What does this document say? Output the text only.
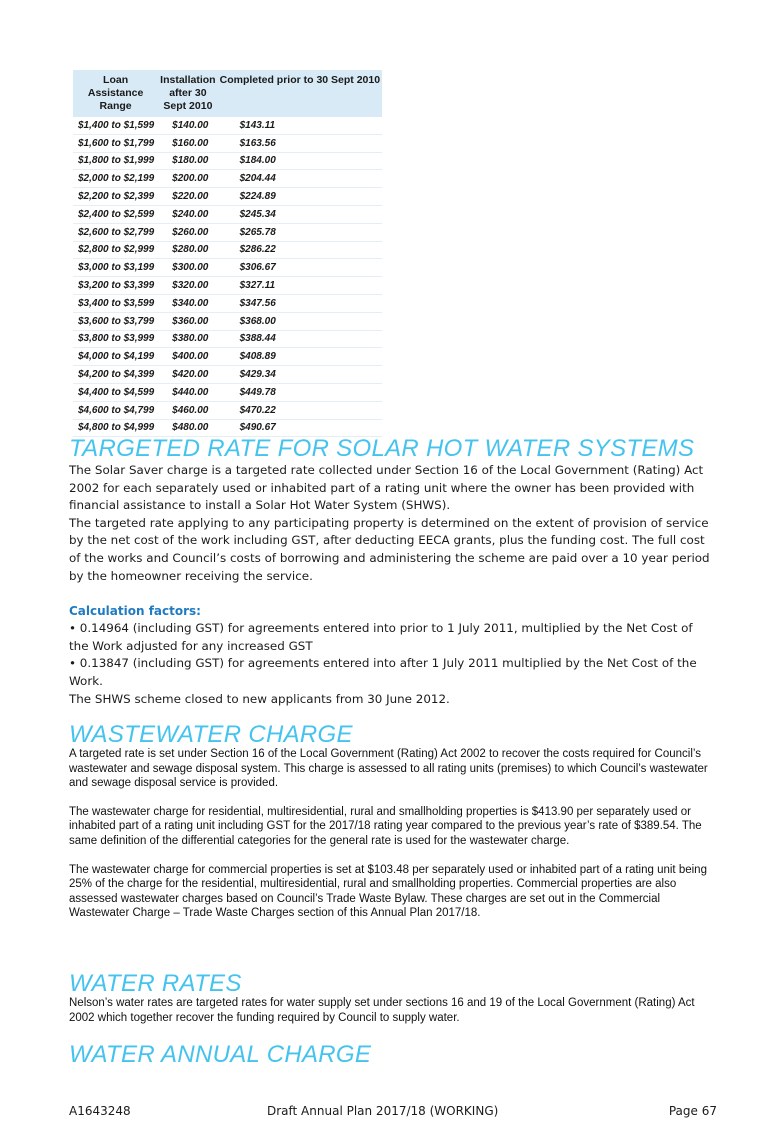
Loan Assistance Range	Installation after 30 Sept 2010	Completed prior to 30 Sept 2010
$1,400 to $1,599	$140.00	$143.11
$1,600 to $1,799	$160.00	$163.56
$1,800 to $1,999	$180.00	$184.00
$2,000 to $2,199	$200.00	$204.44
$2,200 to $2,399	$220.00	$224.89
$2,400 to $2,599	$240.00	$245.34
$2,600 to $2,799	$260.00	$265.78
$2,800 to $2,999	$280.00	$286.22
$3,000 to $3,199	$300.00	$306.67
$3,200 to $3,399	$320.00	$327.11
$3,400 to $3,599	$340.00	$347.56
$3,600 to $3,799	$360.00	$368.00
$3,800 to $3,999	$380.00	$388.44
$4,000 to $4,199	$400.00	$408.89
$4,200 to $4,399	$420.00	$429.34
$4,400 to $4,599	$440.00	$449.78
$4,600 to $4,799	$460.00	$470.22
$4,800 to $4,999	$480.00	$490.67
TARGETED RATE FOR SOLAR HOT WATER SYSTEMS

The Solar Saver charge is a targeted rate collected under Section 16 of the Local Government (Rating) Act 2002 for each separately used or inhabited part of a rating unit where the owner has been provided with financial assistance to install a Solar Hot Water System (SHWS).

The targeted rate applying to any participating property is determined on the extent of provision of service by the net cost of the work including GST, after deducting EECA grants, plus the funding cost. The full cost of the works and Council’s costs of borrowing and administering the scheme are paid over a 10 year period by the homeowner receiving the service.

Calculation factors:

• 0.14964 (including GST) for agreements entered into prior to 1 July 2011, multiplied by the Net Cost of the Work adjusted for any increased GST

• 0.13847 (including GST) for agreements entered into after 1 July 2011 multiplied by the Net Cost of the Work.

The SHWS scheme closed to new applicants from 30 June 2012.

WASTEWATER CHARGE

A targeted rate is set under Section 16 of the Local Government (Rating) Act 2002 to recover the costs required for Council’s wastewater and sewage disposal system. This charge is assessed to all rating units (premises) to which Council’s wastewater and sewage disposal service is provided.

The wastewater charge for residential, multiresidential, rural and smallholding properties is $413.90 per separately used or inhabited part of a rating unit including GST for the 2017/18 rating year compared to the previous year’s rate of $389.54. The same definition of the differential categories for the general rate is used for the wastewater charge.

The wastewater charge for commercial properties is set at $103.48 per separately used or inhabited part of a rating unit being 25% of the charge for the residential, multiresidential, rural and smallholding properties. Commercial properties are also assessed wastewater charges based on Council’s Trade Waste Bylaw. These charges are set out in the Commercial Wastewater Charge – Trade Waste Charges section of this Annual Plan 2017/18.

WATER RATES

Nelson’s water rates are targeted rates for water supply set under sections 16 and 19 of the Local Government (Rating) Act 2002 which together recover the funding required by Council to supply water.

WATER ANNUAL CHARGE
A1643248	Draft Annual Plan 2017/18 (WORKING)	Page 67
